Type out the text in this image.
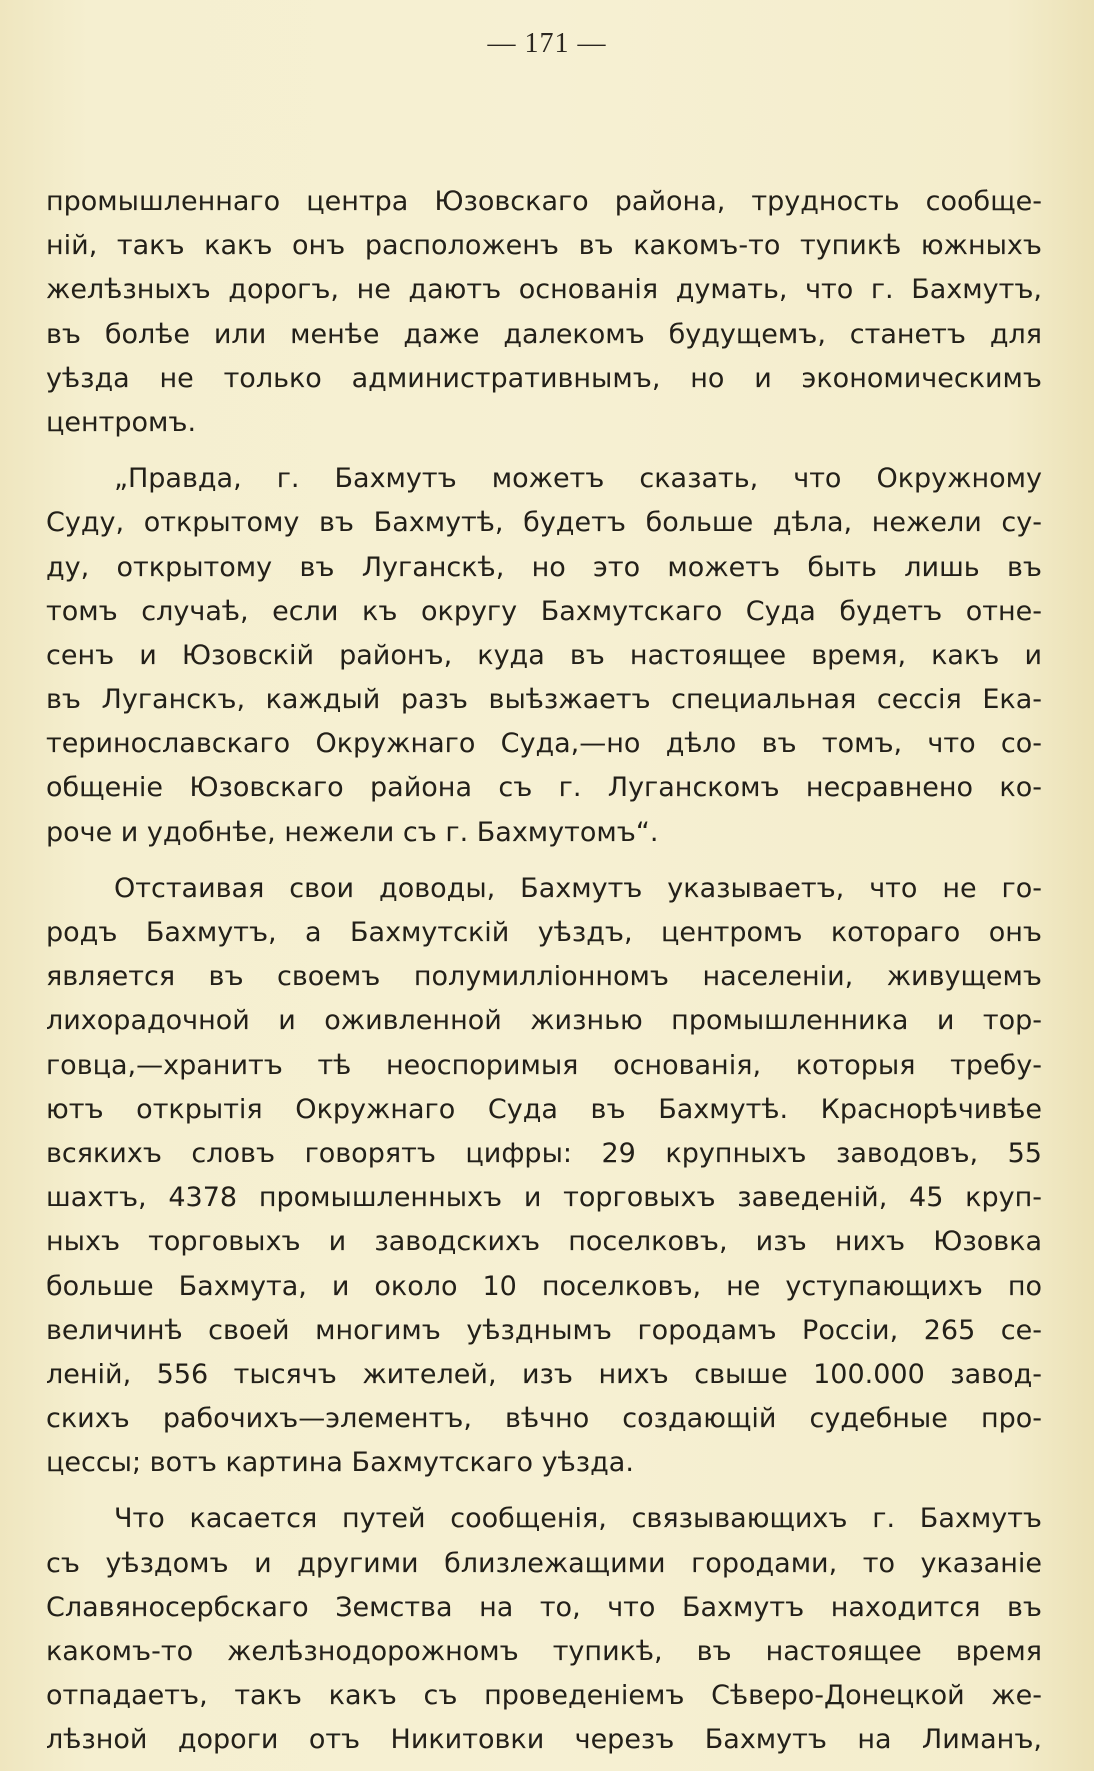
— 171 —
промышленнаго центра Юзовскаго района, трудность сообще-
ній, такъ какъ онъ расположенъ въ какомъ-то тупикѣ южныхъ
желѣзныхъ дорогъ, не даютъ основанія думать, что г. Бахмутъ,
въ болѣе или менѣе даже далекомъ будущемъ, станетъ для
уѣзда не только административнымъ, но и экономическимъ
центромъ.
„Правда, г. Бахмутъ можетъ сказать, что Окружному
Суду, открытому въ Бахмутѣ, будетъ больше дѣла, нежели су-
ду, открытому въ Луганскѣ, но это можетъ быть лишь въ
томъ случаѣ, если къ округу Бахмутскаго Суда будетъ отне-
сенъ и Юзовскій районъ, куда въ настоящее время, какъ и
въ Луганскъ, каждый разъ выѣзжаетъ специальная сессія Ека-
теринославскаго Окружнаго Суда,—но дѣло въ томъ, что со-
общеніе Юзовскаго района съ г. Луганскомъ несравнено ко-
роче и удобнѣе, нежели съ г. Бахмутомъ“.
Отстаивая свои доводы, Бахмутъ указываетъ, что не го-
родъ Бахмутъ, а Бахмутскій уѣздъ, центромъ котораго онъ
является въ своемъ полумилліонномъ населеніи, живущемъ
лихорадочной и оживленной жизнью промышленника и тор-
говца,—хранитъ тѣ неоспоримыя основанія, которыя требу-
ютъ открытія Окружнаго Суда въ Бахмутѣ. Краснорѣчивѣе
всякихъ словъ говорятъ цифры: 29 крупныхъ заводовъ, 55
шахтъ, 4378 промышленныхъ и торговыхъ заведеній, 45 круп-
ныхъ торговыхъ и заводскихъ поселковъ, изъ нихъ Юзовка
больше Бахмута, и около 10 поселковъ, не уступающихъ по
величинѣ своей многимъ уѣзднымъ городамъ Россіи, 265 се-
леній, 556 тысячъ жителей, изъ нихъ свыше 100.000 завод-
скихъ рабочихъ—элементъ, вѣчно создающій судебные про-
цессы; вотъ картина Бахмутскаго уѣзда.
Что касается путей сообщенія, связывающихъ г. Бахмутъ
съ уѣздомъ и другими близлежащими городами, то указаніе
Славяносербскаго Земства на то, что Бахмутъ находится въ
какомъ-то желѣзнодорожномъ тупикѣ, въ настоящее время
отпадаетъ, такъ какъ съ проведеніемъ Сѣверо-Донецкой же-
лѣзной дороги отъ Никитовки черезъ Бахмутъ на Лиманъ,
